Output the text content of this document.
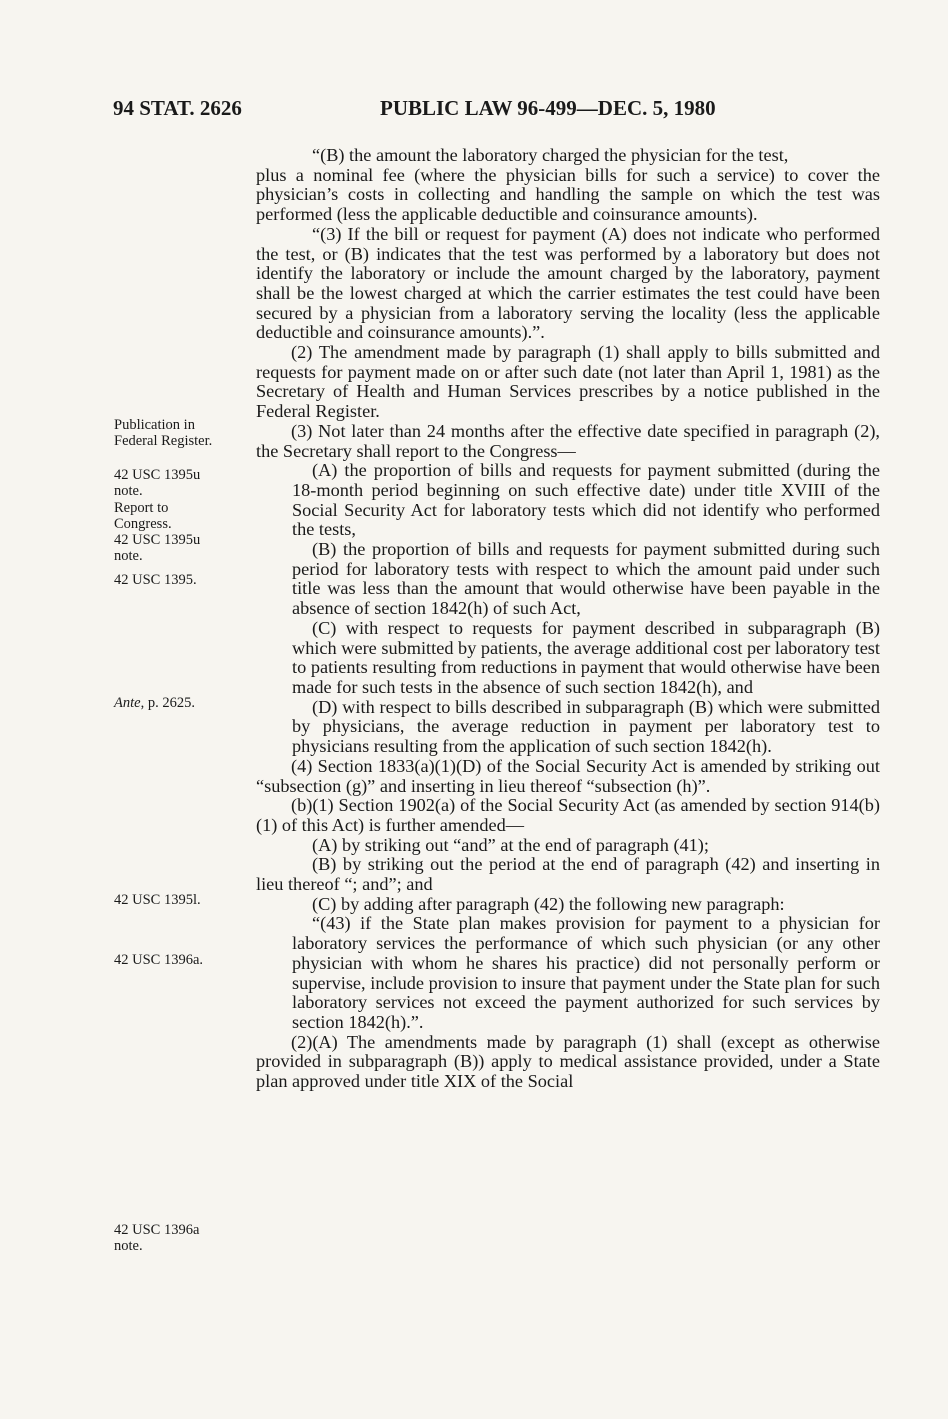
94 STAT. 2626	PUBLIC LAW 96-499—DEC. 5, 1980
Publication in Federal Register.
42 USC 1395u note.
Report to Congress.
42 USC 1395u note.
42 USC 1395.
Ante, p. 2625.
42 USC 1395l.
42 USC 1396a.
42 USC 1396a note.

“(B) the amount the laboratory charged the physician for the test,

plus a nominal fee (where the physician bills for such a service) to cover the physician’s costs in collecting and handling the sample on which the test was performed (less the applicable deductible and coinsurance amounts).

“(3) If the bill or request for payment (A) does not indicate who performed the test, or (B) indicates that the test was performed by a laboratory but does not identify the laboratory or include the amount charged by the laboratory, payment shall be the lowest charged at which the carrier estimates the test could have been secured by a physician from a laboratory serving the locality (less the applicable deductible and coinsurance amounts).”.

(2) The amendment made by paragraph (1) shall apply to bills submitted and requests for payment made on or after such date (not later than April 1, 1981) as the Secretary of Health and Human Services prescribes by a notice published in the Federal Register.

(3) Not later than 24 months after the effective date specified in paragraph (2), the Secretary shall report to the Congress—

(A) the proportion of bills and requests for payment submitted (during the 18-month period beginning on such effective date) under title XVIII of the Social Security Act for laboratory tests which did not identify who performed the tests,

(B) the proportion of bills and requests for payment submitted during such period for laboratory tests with respect to which the amount paid under such title was less than the amount that would otherwise have been payable in the absence of section 1842(h) of such Act,

(C) with respect to requests for payment described in subparagraph (B) which were submitted by patients, the average additional cost per laboratory test to patients resulting from reductions in payment that would otherwise have been made for such tests in the absence of such section 1842(h), and

(D) with respect to bills described in subparagraph (B) which were submitted by physicians, the average reduction in payment per laboratory test to physicians resulting from the application of such section 1842(h).

(4) Section 1833(a)(1)(D) of the Social Security Act is amended by striking out “subsection (g)” and inserting in lieu thereof “subsection (h)”.

(b)(1) Section 1902(a) of the Social Security Act (as amended by section 914(b)(1) of this Act) is further amended—

(A) by striking out “and” at the end of paragraph (41);

(B) by striking out the period at the end of paragraph (42) and inserting in lieu thereof “; and”; and

(C) by adding after paragraph (42) the following new paragraph:

“(43) if the State plan makes provision for payment to a physician for laboratory services the performance of which such physician (or any other physician with whom he shares his practice) did not personally perform or supervise, include provision to insure that payment under the State plan for such laboratory services not exceed the payment authorized for such services by section 1842(h).”.

(2)(A) The amendments made by paragraph (1) shall (except as otherwise provided in subparagraph (B)) apply to medical assistance provided, under a State plan approved under title XIX of the Social
